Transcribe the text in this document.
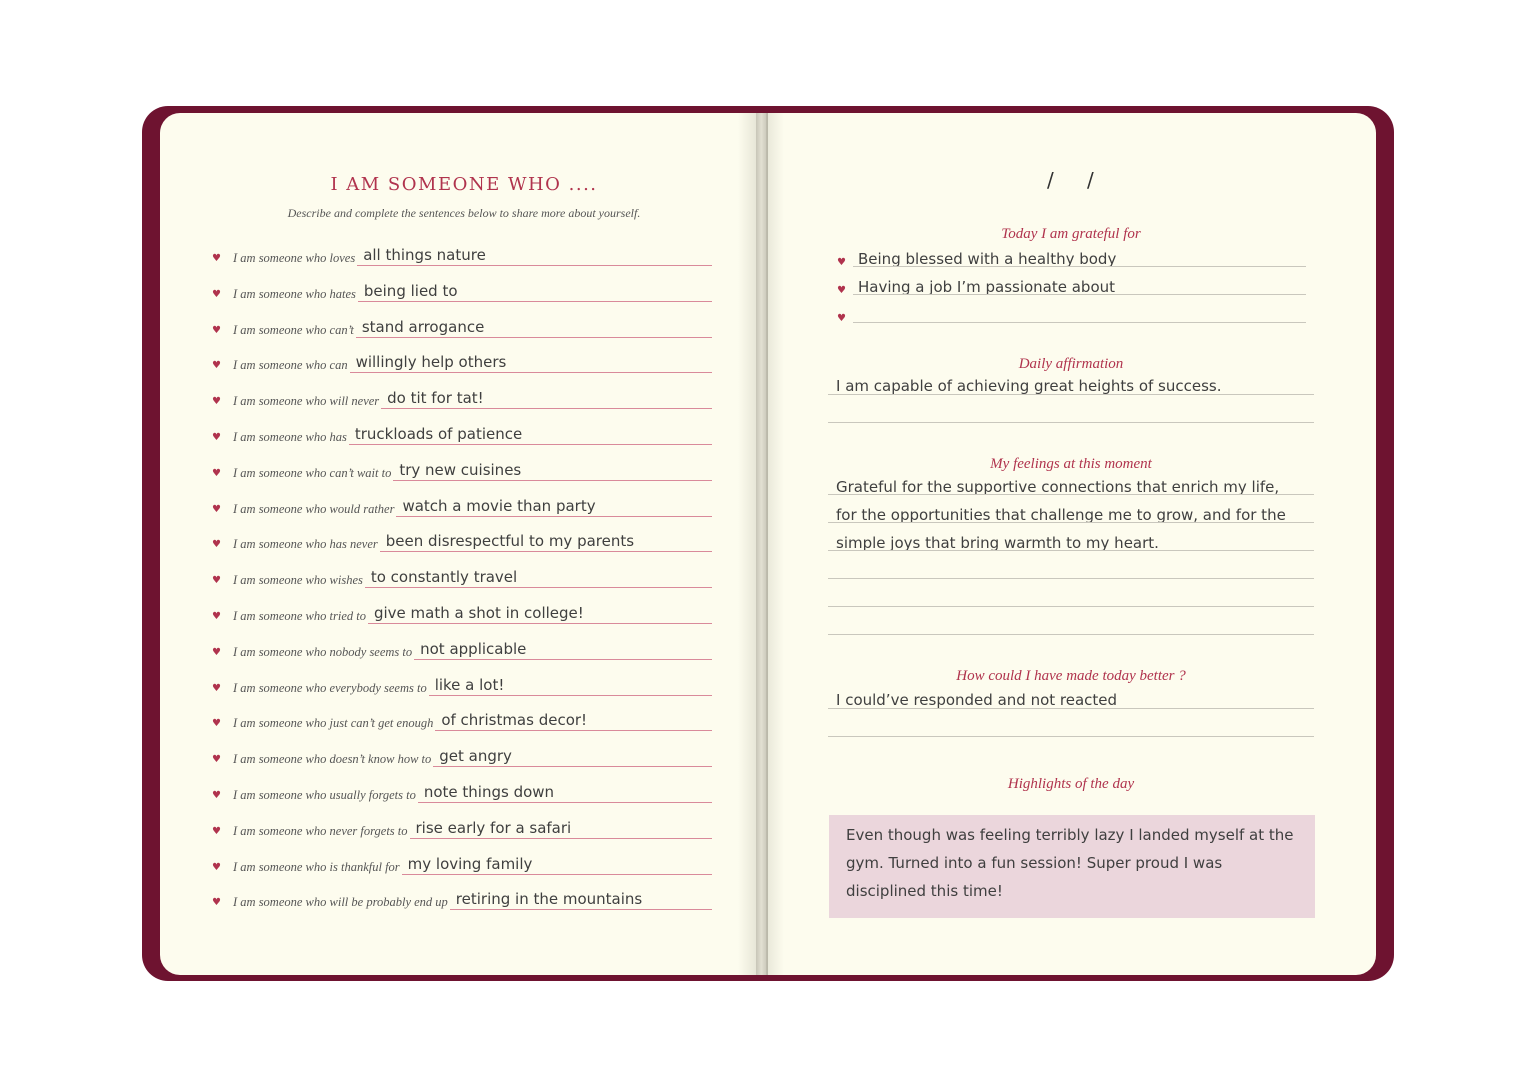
I AM SOMEONE WHO ....
Describe and complete the sentences below to share more about yourself.
♥ I am someone who loves all things nature
♥ I am someone who hates being lied to
♥ I am someone who can’t stand arrogance
♥ I am someone who can willingly help others
♥ I am someone who will never do tit for tat!
♥ I am someone who has truckloads of patience
♥ I am someone who can’t wait to try new cuisines
♥ I am someone who would rather watch a movie than party
♥ I am someone who has never been disrespectful to my parents
♥ I am someone who wishes to constantly travel
♥ I am someone who tried to give math a shot in college!
♥ I am someone who nobody seems to not applicable
♥ I am someone who everybody seems to like a lot!
♥ I am someone who just can’t get enough of christmas decor!
♥ I am someone who doesn’t know how to get angry
♥ I am someone who usually forgets to note things down
♥ I am someone who never forgets to rise early for a safari
♥ I am someone who is thankful for my loving family
♥ I am someone who will be probably end up retiring in the mountains
/ /
Today I am grateful for
♥ Being blessed with a healthy body
♥ Having a job I’m passionate about
♥
Daily affirmation
I am capable of achieving great heights of success.
My feelings at this moment
Grateful for the supportive connections that enrich my life,
for the opportunities that challenge me to grow, and for the
simple joys that bring warmth to my heart.
How could I have made today better ?
I could’ve responded and not reacted
Highlights of the day
Even though was feeling terribly lazy I landed myself at the gym. Turned into a fun session! Super proud I was disciplined this time!
